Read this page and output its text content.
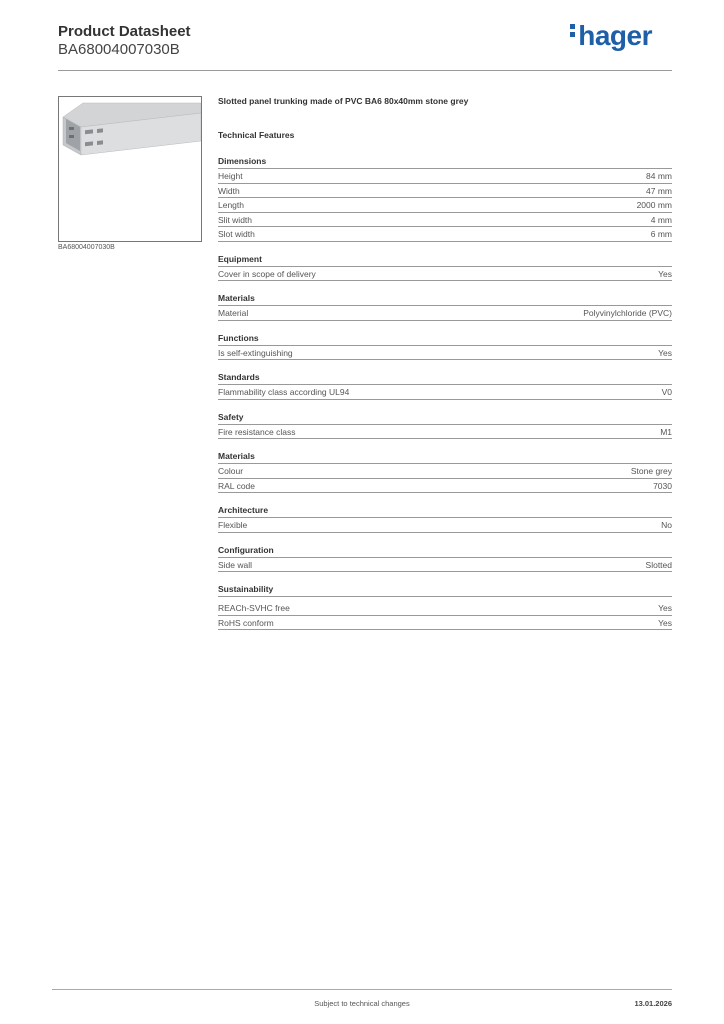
Product Datasheet
BA68004007030B	hager
BA68004007030B
Slotted panel trunking made of PVC BA6 80x40mm stone grey
Technical Features
Dimensions
Height	84 mm
Width	47 mm
Length	2000 mm
Slit width	4 mm
Slot width	6 mm
Equipment
Cover in scope of delivery	Yes
Materials
Material	Polyvinylchloride (PVC)
Functions
Is self-extinguishing	Yes
Standards
Flammability class according UL94	V0
Safety
Fire resistance class	M1
Materials
Colour	Stone grey
RAL code	7030
Architecture
Flexible	No
Configuration
Side wall	Slotted
Sustainability
REACh-SVHC free	Yes
RoHS conform	Yes
Subject to technical changes	13.01.2026
